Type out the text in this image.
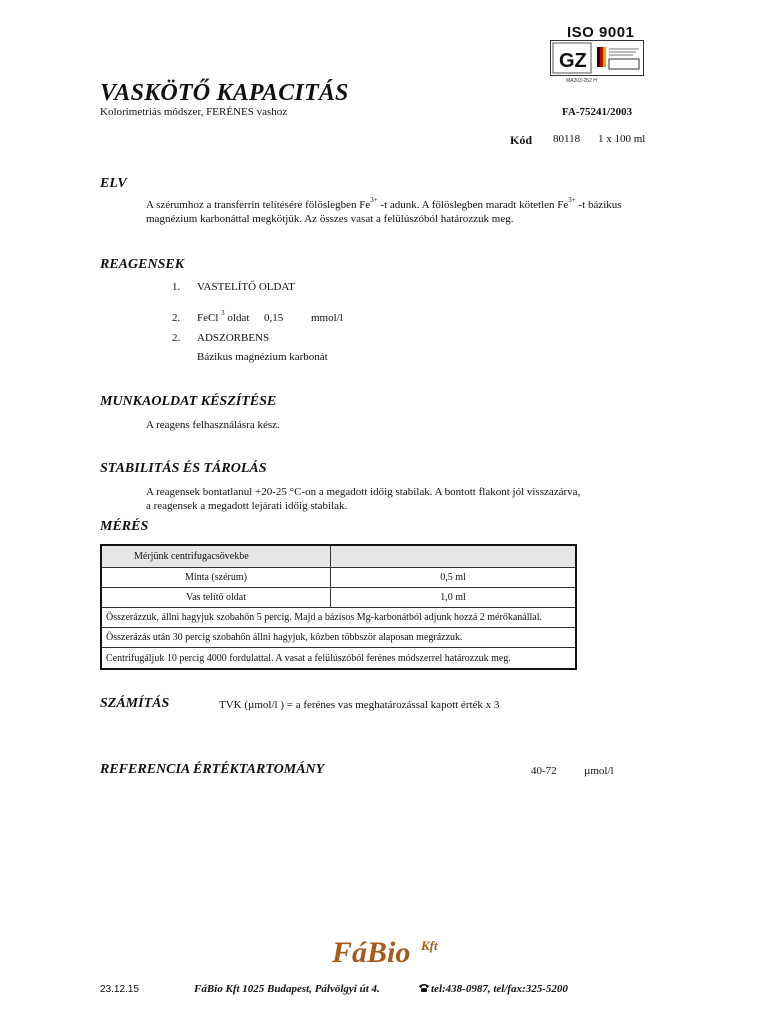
ISO 9001
GZ
MA203-252 H
VASKÖTŐ KAPACITÁS
Kolorimetriás módszer, FERÉNES vashoz	FA-75241/2003
Kód 80118 1 x 100 ml
ELV
A szérumhoz a transferrin telítésére fölöslegben $Fe^{3+}$ -t adunk. A fölöslegben maradt kötetlen $Fe^{3+}$ -t bázikus
magnézium karbonáttal megkötjük. Az összes vasat a felülúszóból határozzuk meg.
REAGENSEK
1. VASTELÍTŐ OLDAT
2. FeCl $^3$ oldat 0,15	mmol/l
2. ADSZORBENS
Bázikus magnézium karbonát
MUNKAOLDAT KÉSZÍTÉSE
A reagens felhasználásra kész.
STABILITÁS ÉS TÁROLÁS
A reagensek bontatlanul +20-25 °C-on a megadott időig stabilak. A bontott flakont jól visszazárva,
a reagensek a megadott lejárati időig stabilak.
MÉRÉS
Mérjünk centrifugacsövekbe	
Minta (szérum)	0,5 ml
Vas telítő oldat	1,0 ml
Összerázzuk, állni hagyjuk szobahőn 5 percig. Majd a bázisos Mg-karbonátból adjunk hozzá 2 mérőkanállal.	
Összerázás után 30 percig szobahőn állni hagyjuk, közben többször alaposan megrázzuk.	
Centrifugáljuk 10 percig 4000 fordulattal. A vasat a felülúszóból ferénes módszerrel határozzuk meg.	
SZÁMÍTÁS	TVK (µmol/l ) = a ferénes vas meghatározással kapott érték x 3
REFERENCIA ÉRTÉKTARTOMÁNY	40-72 µmol/l
FáBio Kft
23.12.15	FáBio Kft 1025 Budapest, Pálvölgyi út 4.	tel:438-0987, tel/fax:325-5200
